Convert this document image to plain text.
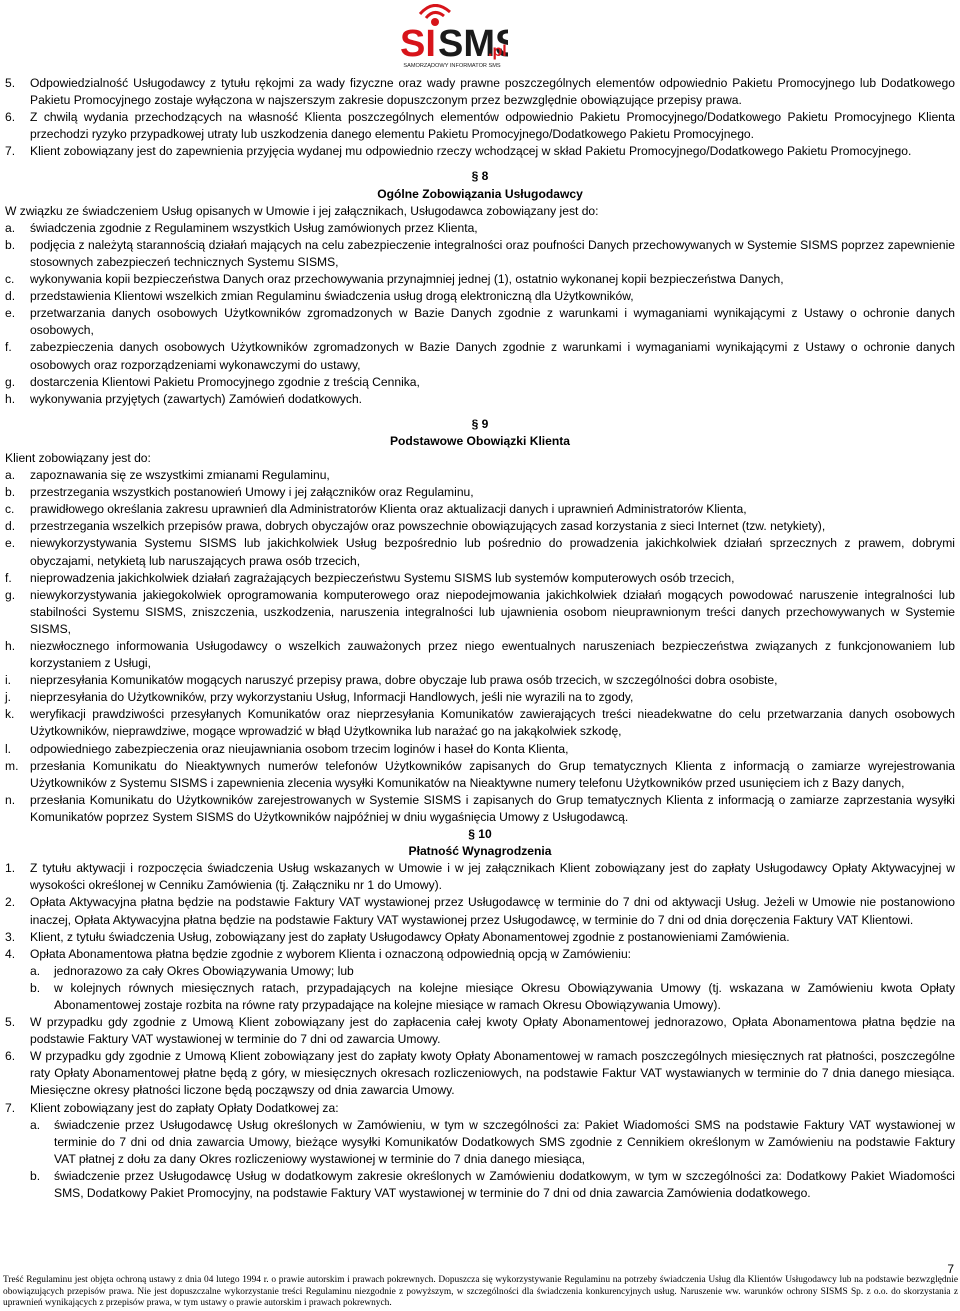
SI SMS
.pl
SAMORZĄDOWY INFORMATOR SMS
5.	Odpowiedzialność Usługodawcy z tytułu rękojmi za wady fizyczne oraz wady prawne poszczególnych elementów odpowiednio Pakietu Promocyjnego lub Dodatkowego Pakietu Promocyjnego zostaje wyłączona w najszerszym zakresie dopuszczonym przez bezwzględnie obowiązujące przepisy prawa.
6.	Z chwilą wydania przechodzących na własność Klienta poszczególnych elementów odpowiednio Pakietu Promocyjnego/Dodatkowego Pakietu Promocyjnego Klienta przechodzi ryzyko przypadkowej utraty lub uszkodzenia danego elementu Pakietu Promocyjnego/Dodatkowego Pakietu Promocyjnego.
7.	Klient zobowiązany jest do zapewnienia przyjęcia wydanej mu odpowiednio rzeczy wchodzącej w skład Pakietu Promocyjnego/Dodatkowego Pakietu Promocyjnego.
§ 8
Ogólne Zobowiązania Usługodawcy
W związku ze świadczeniem Usług opisanych w Umowie i jej załącznikach, Usługodawca zobowiązany jest do:
a.	świadczenia zgodnie z Regulaminem wszystkich Usług zamówionych przez Klienta,
b.	podjęcia z należytą starannością działań mających na celu zabezpieczenie integralności oraz poufności Danych przechowywanych w Systemie SISMS poprzez zapewnienie stosownych zabezpieczeń technicznych Systemu SISMS,
c.	wykonywania kopii bezpieczeństwa Danych oraz przechowywania przynajmniej jednej (1), ostatnio wykonanej kopii bezpieczeństwa Danych,
d.	przedstawienia Klientowi wszelkich zmian Regulaminu świadczenia usług drogą elektroniczną dla Użytkowników,
e.	przetwarzania danych osobowych Użytkowników zgromadzonych w Bazie Danych zgodnie z warunkami i wymaganiami wynikającymi z Ustawy o ochronie danych osobowych,
f.	zabezpieczenia danych osobowych Użytkowników zgromadzonych w Bazie Danych zgodnie z warunkami i wymaganiami wynikającymi z Ustawy o ochronie danych osobowych oraz rozporządzeniami wykonawczymi do ustawy,
g.	dostarczenia Klientowi Pakietu Promocyjnego zgodnie z treścią Cennika,
h.	wykonywania przyjętych (zawartych) Zamówień dodatkowych.
§ 9
Podstawowe Obowiązki Klienta
Klient zobowiązany jest do:
a.	zapoznawania się ze wszystkimi zmianami Regulaminu,
b.	przestrzegania wszystkich postanowień Umowy i jej załączników oraz Regulaminu,
c.	prawidłowego określania zakresu uprawnień dla Administratorów Klienta oraz aktualizacji danych i uprawnień Administratorów Klienta,
d.	przestrzegania wszelkich przepisów prawa, dobrych obyczajów oraz powszechnie obowiązujących zasad korzystania z sieci Internet (tzw. netykiety),
e.	niewykorzystywania Systemu SISMS lub jakichkolwiek Usług bezpośrednio lub pośrednio do prowadzenia jakichkolwiek działań sprzecznych z prawem, dobrymi obyczajami, netykietą lub naruszających prawa osób trzecich,
f.	nieprowadzenia jakichkolwiek działań zagrażających bezpieczeństwu Systemu SISMS lub systemów komputerowych osób trzecich,
g.	niewykorzystywania jakiegokolwiek oprogramowania komputerowego oraz niepodejmowania jakichkolwiek działań mogących powodować naruszenie integralności lub stabilności Systemu SISMS, zniszczenia, uszkodzenia, naruszenia integralności lub ujawnienia osobom nieuprawnionym treści danych przechowywanych w Systemie SISMS,
h.	niezwłocznego informowania Usługodawcy o wszelkich zauważonych przez niego ewentualnych naruszeniach bezpieczeństwa związanych z funkcjonowaniem lub korzystaniem z Usługi,
i.	nieprzesyłania Komunikatów mogących naruszyć przepisy prawa, dobre obyczaje lub prawa osób trzecich, w szczególności dobra osobiste,
j.	nieprzesyłania do Użytkowników, przy wykorzystaniu Usług, Informacji Handlowych, jeśli nie wyrazili na to zgody,
k.	weryfikacji prawdziwości przesyłanych Komunikatów oraz nieprzesyłania Komunikatów zawierających treści nieadekwatne do celu przetwarzania danych osobowych Użytkowników, nieprawdziwe, mogące wprowadzić w błąd Użytkownika lub narażać go na jakąkolwiek szkodę,
l.	odpowiedniego zabezpieczenia oraz nieujawniania osobom trzecim loginów i haseł do Konta Klienta,
m. przesłania Komunikatu do Nieaktywnych numerów telefonów Użytkowników zapisanych do Grup tematycznych Klienta z informacją o zamiarze wyrejestrowania Użytkowników z Systemu SISMS i zapewnienia zlecenia wysyłki Komunikatów na Nieaktywne numery telefonu Użytkowników przed usunięciem ich z Bazy danych,
n.	przesłania Komunikatu do Użytkowników zarejestrowanych w Systemie SISMS i zapisanych do Grup tematycznych Klienta z informacją o zamiarze zaprzestania wysyłki Komunikatów poprzez System SISMS do Użytkowników najpóźniej w dniu wygaśnięcia Umowy z Usługodawcą.
§ 10
Płatność Wynagrodzenia
1.	Z tytułu aktywacji i rozpoczęcia świadczenia Usług wskazanych w Umowie i w jej załącznikach Klient zobowiązany jest do zapłaty Usługodawcy Opłaty Aktywacyjnej w wysokości określonej w Cenniku Zamówienia (tj. Załączniku nr 1 do Umowy).
2.	Opłata Aktywacyjna płatna będzie na podstawie Faktury VAT wystawionej przez Usługodawcę w terminie do 7 dni od aktywacji Usług. Jeżeli w Umowie nie postanowiono inaczej, Opłata Aktywacyjna płatna będzie na podstawie Faktury VAT wystawionej przez Usługodawcę, w terminie do 7 dni od dnia doręczenia Faktury VAT Klientowi.
3.	Klient, z tytułu świadczenia Usług, zobowiązany jest do zapłaty Usługodawcy Opłaty Abonamentowej zgodnie z postanowieniami Zamówienia.
4.	Opłata Abonamentowa płatna będzie zgodnie z wyborem Klienta i oznaczoną odpowiednią opcją w Zamówieniu:
a.	jednorazowo za cały Okres Obowiązywania Umowy; lub
b.	w kolejnych równych miesięcznych ratach, przypadających na kolejne miesiące Okresu Obowiązywania Umowy (tj. wskazana w Zamówieniu kwota Opłaty Abonamentowej zostaje rozbita na równe raty przypadające na kolejne miesiące w ramach Okresu Obowiązywania Umowy).
5.	W przypadku gdy zgodnie z Umową Klient zobowiązany jest do zapłacenia całej kwoty Opłaty Abonamentowej jednorazowo, Opłata Abonamentowa płatna będzie na podstawie Faktury VAT wystawionej w terminie do 7 dni od zawarcia Umowy.
6.	W przypadku gdy zgodnie z Umową Klient zobowiązany jest do zapłaty kwoty Opłaty Abonamentowej w ramach poszczególnych miesięcznych rat płatności, poszczególne raty Opłaty Abonamentowej płatne będą z góry, w miesięcznych okresach rozliczeniowych, na podstawie Faktur VAT wystawianych w terminie do 7 dnia danego miesiąca. Miesięczne okresy płatności liczone będą począwszy od dnia zawarcia Umowy.
7.	Klient zobowiązany jest do zapłaty Opłaty Dodatkowej za:
a.	świadczenie przez Usługodawcę Usług określonych w Zamówieniu, w tym w szczególności za: Pakiet Wiadomości SMS na podstawie Faktury VAT wystawionej w terminie do 7 dni od dnia zawarcia Umowy, bieżące wysyłki Komunikatów Dodatkowych SMS zgodnie z Cennikiem określonym w Zamówieniu na podstawie Faktury VAT płatnej z dołu za dany Okres rozliczeniowy wystawionej w terminie do 7 dnia danego miesiąca,
b.	świadczenie przez Usługodawcę Usług w dodatkowym zakresie określonych w Zamówieniu dodatkowym, w tym w szczególności za: Dodatkowy Pakiet Wiadomości SMS, Dodatkowy Pakiet Promocyjny, na podstawie Faktury VAT wystawionej w terminie do 7 dni od dnia zawarcia Zamówienia dodatkowego.
7
Treść Regulaminu jest objęta ochroną ustawy z dnia 04 lutego 1994 r. o prawie autorskim i prawach pokrewnych. Dopuszcza się wykorzystywanie Regulaminu na potrzeby świadczenia Usług dla Klientów Usługodawcy lub na podstawie bezwzględnie obowiązujących przepisów prawa. Nie jest dopuszczalne wykorzystanie treści Regulaminu niezgodnie z powyższym, w szczególności dla świadczenia konkurencyjnych usług. Naruszenie ww. warunków ochrony SISMS Sp. z o.o. do skorzystania z uprawnień wynikających z przepisów prawa, w tym ustawy o prawie autorskim i prawach pokrewnych.
